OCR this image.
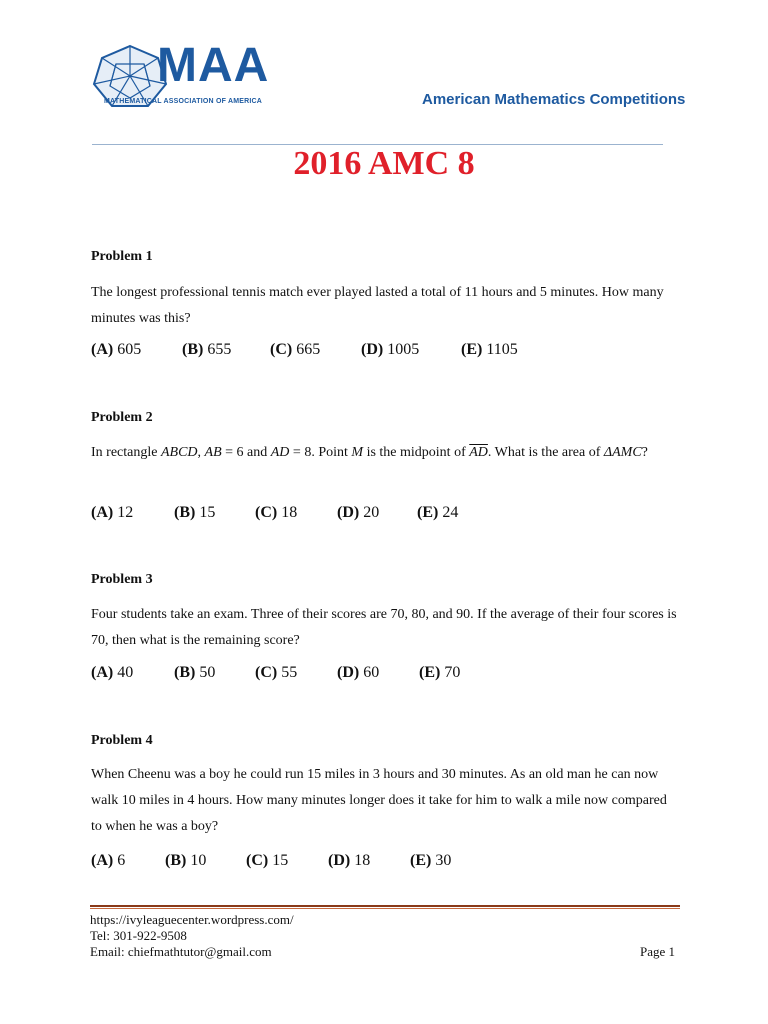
MAA
MATHEMATICAL ASSOCIATION OF AMERICA	American Mathematics Competitions
2016 AMC 8
Problem 1
The longest professional tennis match ever played lasted a total of 11 hours and 5 minutes. How many minutes was this?
(A) 605	(B) 655	(C) 665	(D) 1005	(E) 1105
Problem 2
In rectangle ABCD, AB = 6 and AD = 8. Point M is the midpoint of $\overline{AD}$. What is the area of ΔAMC?
(A) 12	(B) 15	(C) 18	(D) 20	(E) 24
Problem 3
Four students take an exam. Three of their scores are 70, 80, and 90. If the average of their four scores is 70, then what is the remaining score?
(A) 40	(B) 50	(C) 55	(D) 60	(E) 70
Problem 4
When Cheenu was a boy he could run 15 miles in 3 hours and 30 minutes. As an old man he can now walk 10 miles in 4 hours. How many minutes longer does it take for him to walk a mile now compared to when he was a boy?
(A) 6	(B) 10	(C) 15	(D) 18	(E) 30
https://ivyleaguecenter.wordpress.com/
Tel: 301-922-9508
Email: chiefmathtutor@gmail.com	Page 1
